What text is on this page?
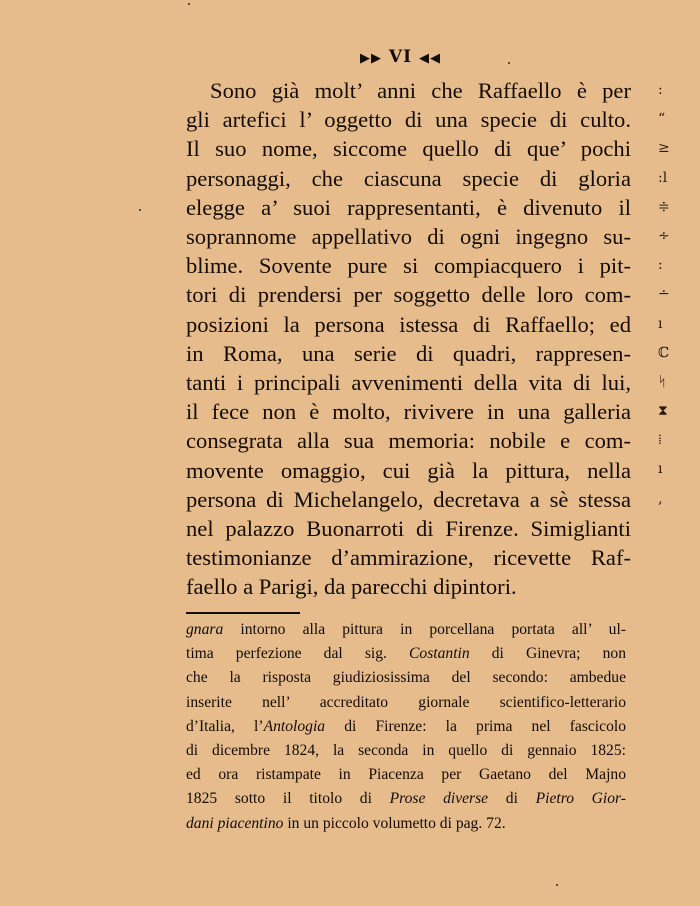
▶▶ VI ◀◀
Sono già molt’ anni che Raffaello è per
gli artefici l’ oggetto di una specie di culto.
Il suo nome, siccome quello di que’ pochi
personaggi, che ciascuna specie di gloria
elegge a’ suoi rappresentanti, è divenuto il
soprannome appellativo di ogni ingegno su-
blime. Sovente pure si compiacquero i pit-
tori di prendersi per soggetto delle loro com-
posizioni la persona istessa di Raffaello; ed
in Roma, una serie di quadri, rappresen-
tanti i principali avvenimenti della vita di lui,
il fece non è molto, rivivere in una galleria
consegrata alla sua memoria: nobile e com-
movente omaggio, cui già la pittura, nella
persona di Michelangelo, decretava a sè stessa
nel palazzo Buonarroti di Firenze. Simiglianti
testimonianze d’ammirazione, ricevette Raf-
faello a Parigi, da parecchi dipintori.
gnara intorno alla pittura in porcellana portata all’ ul-
tima perfezione dal sig. Costantin di Ginevra; non
che la risposta giudiziosissima del secondo: ambedue
inserite nell’ accreditato giornale scientifico-letterario
d’Italia, l’Antologia di Firenze: la prima nel fascicolo
di dicembre 1824, la seconda in quello di gennaio 1825:
ed ora ristampate in Piacenza per Gaetano del Majno
1825 sotto il titolo di Prose diverse di Pietro Gior-
dani piacentino in un piccolo volumetto di pag. 72.
:
“
≥
:l
≑
∻
:
∸
ı
ℂ
ᛋ
⧗
⁞
ı
‚
